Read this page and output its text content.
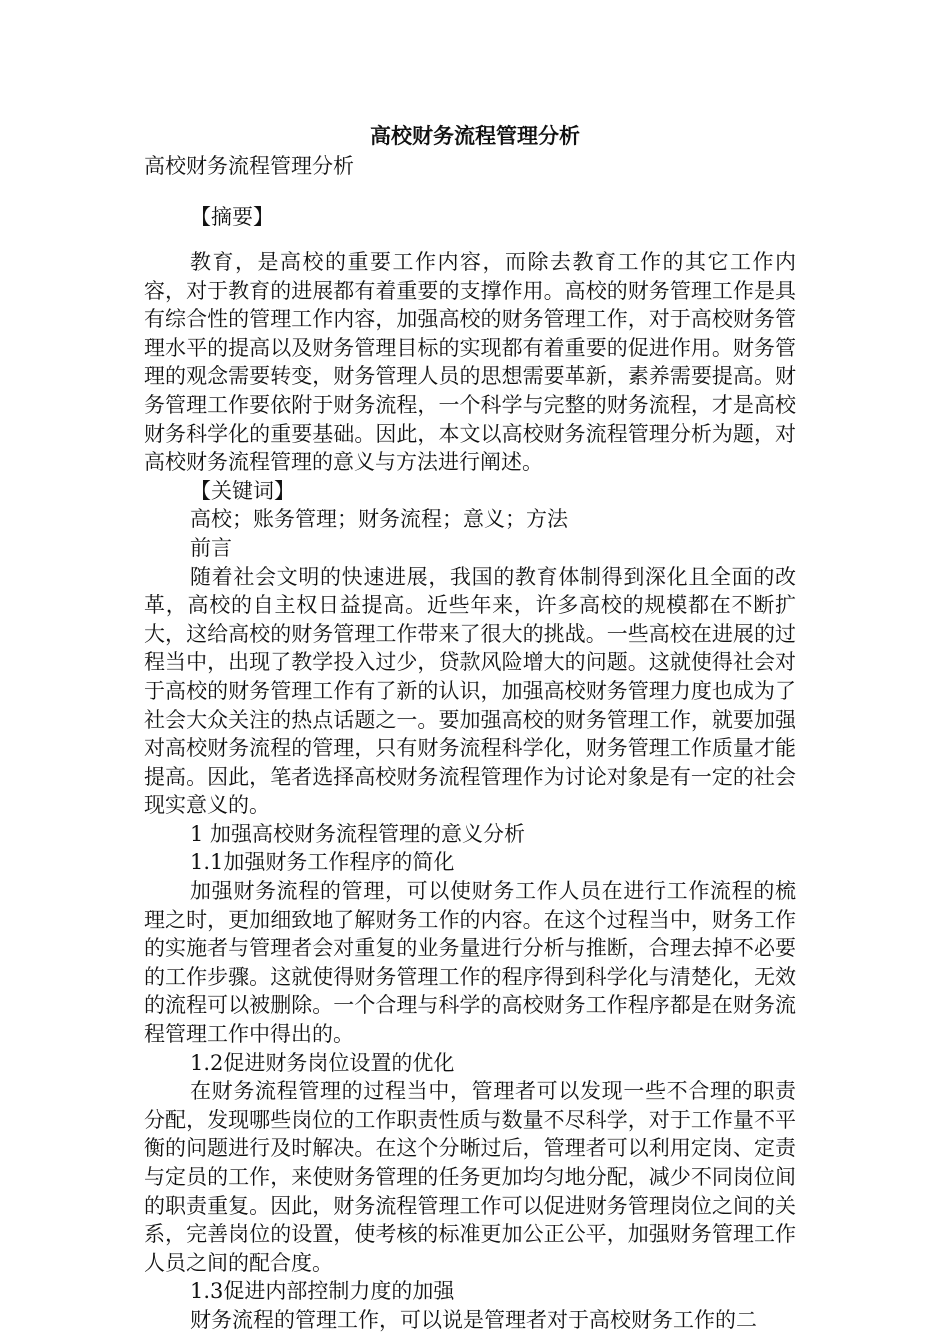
高校财务流程管理分析
高校财务流程管理分析
【摘要】

教育，是高校的重要工作内容，而除去教育工作的其它工作内容，对于教育的进展都有着重要的支撑作用。高校的财务管理工作是具有综合性的管理工作内容，加强高校的财务管理工作，对于高校财务管理水平的提高以及财务管理目标的实现都有着重要的促进作用。财务管理的观念需要转变，财务管理人员的思想需要革新，素养需要提高。财务管理工作要依附于财务流程，一个科学与完整的财务流程，才是高校财务科学化的重要基础。因此，本文以高校财务流程管理分析为题，对高校财务流程管理的意义与方法进行阐述。

【关键词】

高校；账务管理；财务流程；意义；方法

前言

随着社会文明的快速进展，我国的教育体制得到深化且全面的改革，高校的自主权日益提高。近些年来，许多高校的规模都在不断扩大，这给高校的财务管理工作带来了很大的挑战。一些高校在进展的过程当中，出现了教学投入过少，贷款风险增大的问题。这就使得社会对于高校的财务管理工作有了新的认识，加强高校财务管理力度也成为了社会大众关注的热点话题之一。要加强高校的财务管理工作，就要加强对高校财务流程的管理，只有财务流程科学化，财务管理工作质量才能提高。因此，笔者选择高校财务流程管理作为讨论对象是有一定的社会现实意义的。

1 加强高校财务流程管理的意义分析

1.1加强财务工作程序的简化

加强财务流程的管理，可以使财务工作人员在进行工作流程的梳理之时，更加细致地了解财务工作的内容。在这个过程当中，财务工作的实施者与管理者会对重复的业务量进行分析与推断，合理去掉不必要的工作步骤。这就使得财务管理工作的程序得到科学化与清楚化，无效的流程可以被删除。一个合理与科学的高校财务工作程序都是在财务流程管理工作中得出的。

1.2促进财务岗位设置的优化

在财务流程管理的过程当中，管理者可以发现一些不合理的职责分配，发现哪些岗位的工作职责性质与数量不尽科学，对于工作量不平衡的问题进行及时解决。在这个分晰过后，管理者可以利用定岗、定责与定员的工作，来使财务管理的任务更加均匀地分配，减少不同岗位间的职责重复。因此，财务流程管理工作可以促进财务管理岗位之间的关系，完善岗位的设置，使考核的标准更加公正公平，加强财务管理工作人员之间的配合度。

1.3促进内部控制力度的加强

财务流程的管理工作，可以说是管理者对于高校财务工作的二
